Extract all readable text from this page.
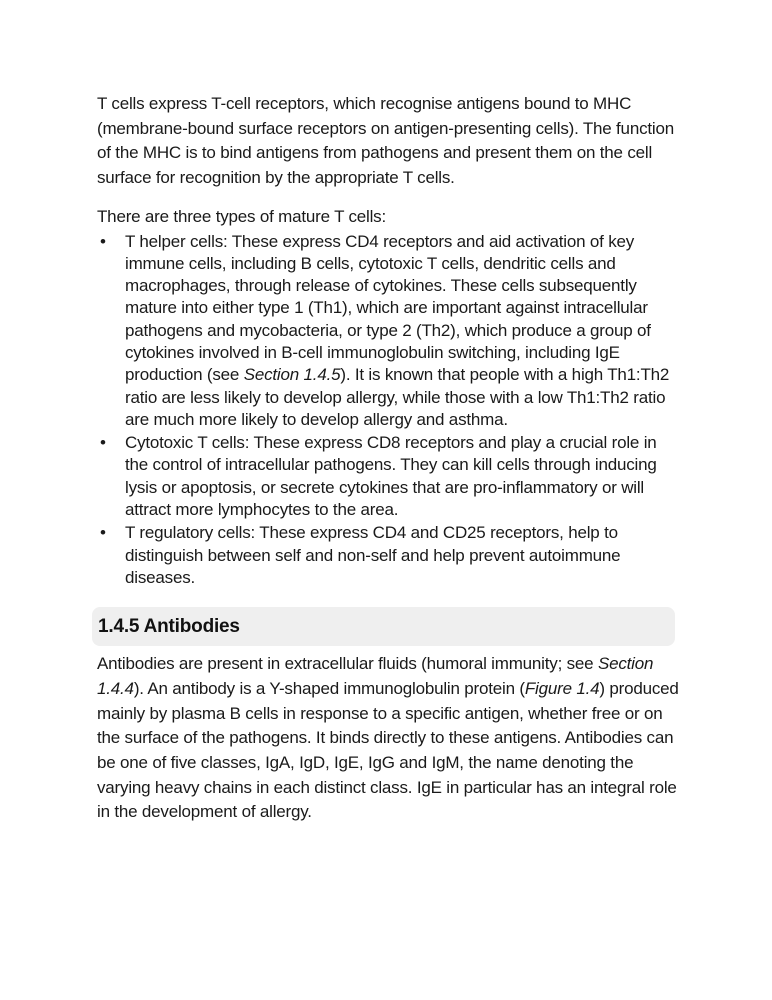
T cells express T-cell receptors, which recognise antigens bound to MHC (membrane-bound surface receptors on antigen-presenting cells). The function of the MHC is to bind antigens from pathogens and present them on the cell surface for recognition by the appropriate T cells.

There are three types of mature T cells:

• T helper cells: These express CD4 receptors and aid activation of key immune cells, including B cells, cytotoxic T cells, dendritic cells and macrophages, through release of cytokines. These cells subsequently mature into either type 1 (Th1), which are important against intracellular pathogens and mycobacteria, or type 2 (Th2), which produce a group of cytokines involved in B-cell immunoglobulin switching, including IgE production (see Section 1.4.5). It is known that people with a high Th1:Th2 ratio are less likely to develop allergy, while those with a low Th1:Th2 ratio are much more likely to develop allergy and asthma.
• Cytotoxic T cells: These express CD8 receptors and play a crucial role in the control of intracellular pathogens. They can kill cells through inducing lysis or apoptosis, or secrete cytokines that are pro-inflammatory or will attract more lymphocytes to the area.
• T regulatory cells: These express CD4 and CD25 receptors, help to distinguish between self and non-self and help prevent autoimmune diseases.
1.4.5 Antibodies

Antibodies are present in extracellular fluids (humoral immunity; see Section 1.4.4). An antibody is a Y-shaped immunoglobulin protein (Figure 1.4) produced mainly by plasma B cells in response to a specific antigen, whether free or on the surface of the pathogens. It binds directly to these antigens. Antibodies can be one of five classes, IgA, IgD, IgE, IgG and IgM, the name denoting the varying heavy chains in each distinct class. IgE in particular has an integral role in the development of allergy.
